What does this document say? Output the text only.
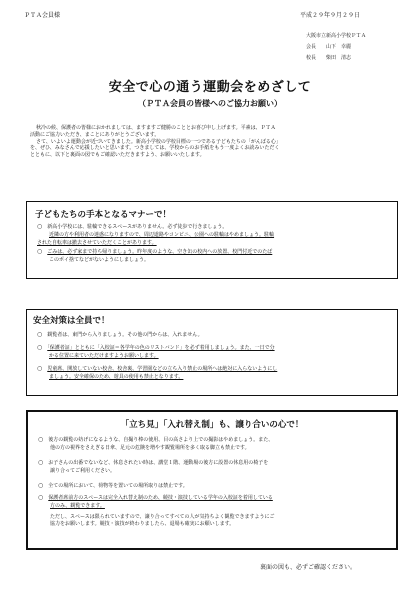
ＰＴＡ会員様	平成２９年９月２９日
大阪市立新高小学校ＰＴＡ
会長　　山下　幸麗
校長　　柴田　清志
安全で心の通う運動会をめざして
（ＰＴＡ会員の皆様へのご協力お願い）
秋冷の候、保護者の皆様におかれましては、ますますご健勝のこととお喜び申し上げます。平素は、ＰＴＡ
活動にご協力いただき、まことにありがとうございます。
さて、いよいよ運動会が近づいてきました。新高小学校の学校目標の一つである子どもたちの「がんばる心」
を、ぜひ、みなさんで応援したいと思います。つきましては、学校からのお手紙をもう一度よくお読みいただく
とともに、以下と裏面の図でもご確認いただきますよう、お願いいたします。
子どもたちの手本となるマナーで！
○　 新高小学校には、駐輪できるスペースがありません。必ず徒歩で行きましょう。
近隣の方や利用者の迷惑になりますので、周辺道路やコンビニ、公園への駐輪はやめましょう。駐輪
された自転車は撤去させていただくことがあります。
○　 ごみは、必ず家まで持ち帰りましょう。昨年度のような、空き缶の校内への放置、校門付近でのたば
このポイ捨てなどがないようにしましょう。
安全対策は全員で！
○　 観覧者は、東門から入りましょう。その他の門からは、入れません。
○　 「保護者証」とともに「入校証＝各学年の色のリストバンド」を必ず着用しましょう。また、一日で分
かる位置に来ていただけますようお願いします。
○　 児童席、開放していない校舎、校舎裏、学習園などの立ち入り禁止の場所へは絶対に入らないようにし
ましょう。安全確保のため、遊具の使用も禁止となります。
「立ち見」「入れ替え制」も、譲り合いの心で！
○　 後方の観覧の妨げになるような、自撮り棒の使用、目の高さより上での撮影はやめましょう。また、
他の方の視界をさえぎる日傘、足元の危険を増やす観覧場所を多く取る脚立も禁止です。
○　 お子さんの出番でないなど、休息されたい時は、講堂１階、運動場の後方に設置の休息用の椅子を
譲り合ってご利用ください。
○　 全ての場所において、荷物等を置いての場所取りは禁止です。
○　 保護者席前方のスペースは完全入れ替え制のため、競技・演技している学年の入校証を着用している
方のみ、観覧できます。
ただし、スペースは限られていますので、譲り合ってすべての人が気持ちよく観覧できますようにご
協力をお願いします。競技・演技が終わりましたら、退場も確実にお願いします。
裏面の図も、必ずご確認ください。
